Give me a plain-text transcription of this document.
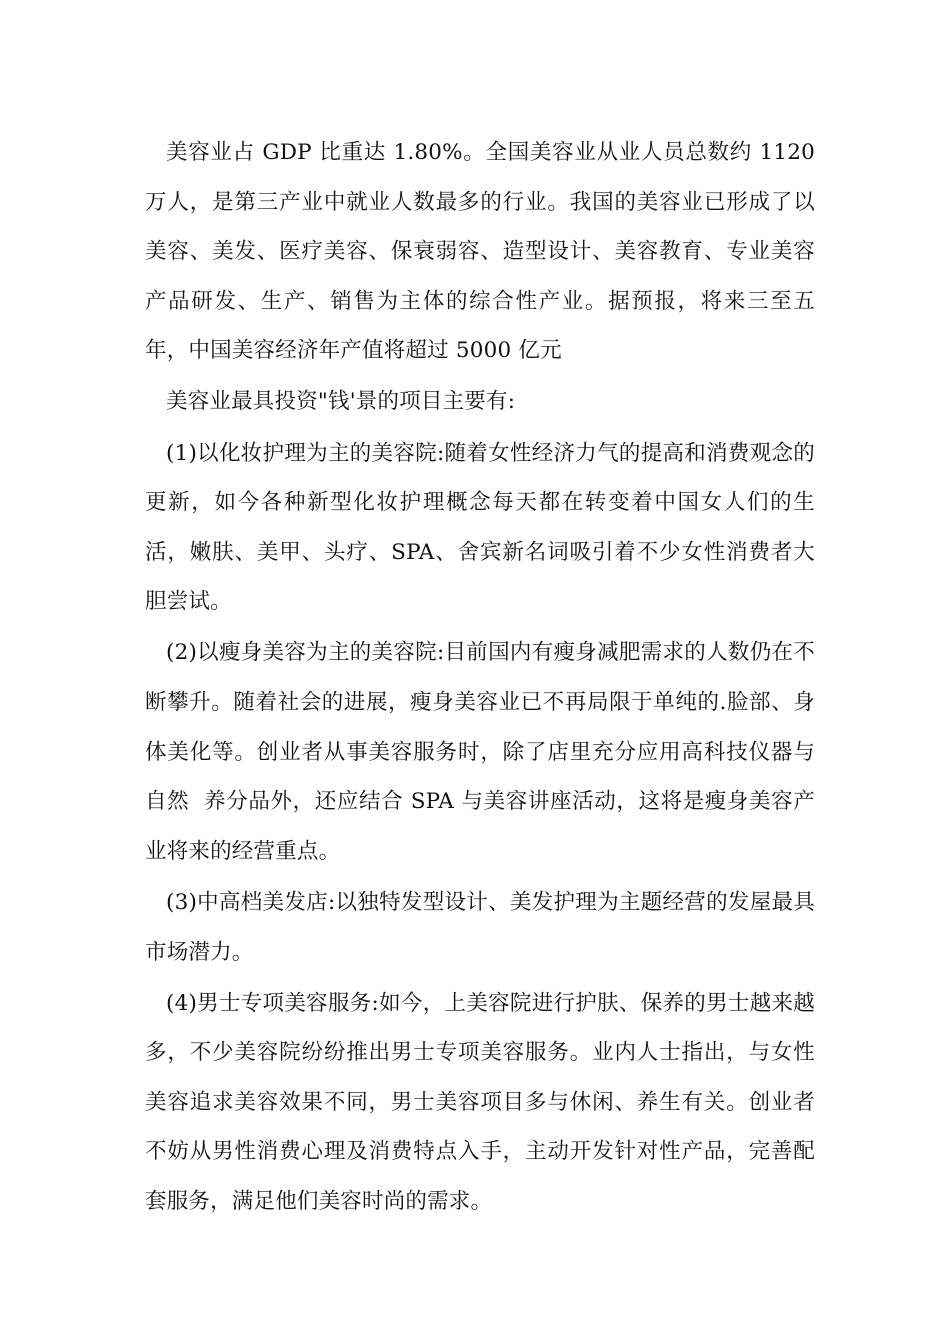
美容业占 GDP 比重达 1.80%。全国美容业从业人员总数约 1120 万人，是第三产业中就业人数最多的行业。我国的美容业已形成了以美容、美发、医疗美容、保衰弱容、造型设计、美容教育、专业美容产品研发、生产、销售为主体的综合性产业。据预报，将来三至五年，中国美容经济年产值将超过 5000 亿元

美容业最具投资"钱'景的项目主要有:

(1)以化妆护理为主的美容院:随着女性经济力气的提高和消费观念的更新，如今各种新型化妆护理概念每天都在转变着中国女人们的生活，嫩肤、美甲、头疗、SPA、舍宾新名词吸引着不少女性消费者大胆尝试。

(2)以瘦身美容为主的美容院:目前国内有瘦身减肥需求的人数仍在不断攀升。随着社会的进展，瘦身美容业已不再局限于单纯的.脸部、身体美化等。创业者从事美容服务时，除了店里充分应用高科技仪器与自然  养分品外，还应结合 SPA 与美容讲座活动，这将是瘦身美容产业将来的经营重点。

(3)中高档美发店:以独特发型设计、美发护理为主题经营的发屋最具市场潜力。

(4)男士专项美容服务:如今，上美容院进行护肤、保养的男士越来越多，不少美容院纷纷推出男士专项美容服务。业内人士指出，与女性美容追求美容效果不同，男士美容项目多与休闲、养生有关。创业者不妨从男性消费心理及消费特点入手，主动开发针对性产品，完善配套服务，满足他们美容时尚的需求。
